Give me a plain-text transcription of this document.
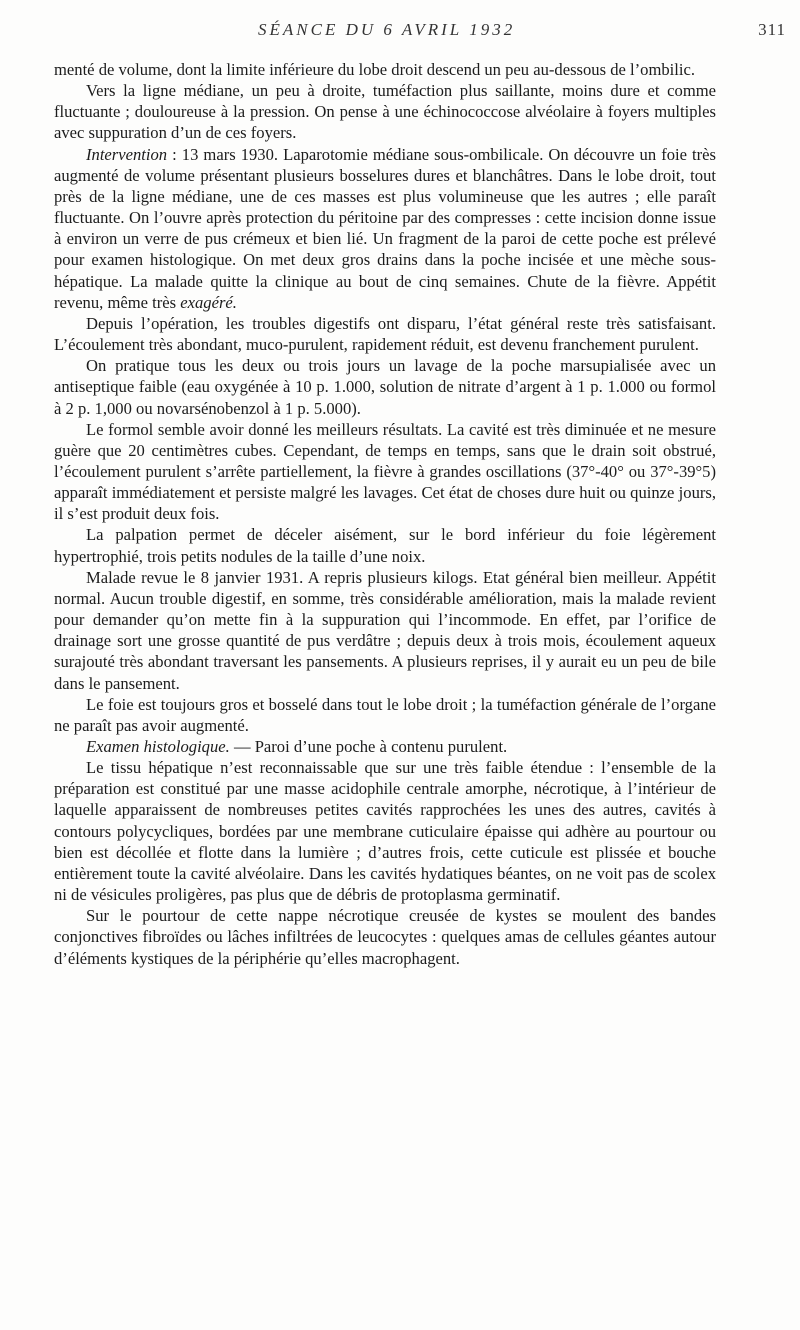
SÉANCE DU 6 AVRIL 1932	311

menté de volume, dont la limite inférieure du lobe droit descend un peu au-dessous de l’ombilic.

Vers la ligne médiane, un peu à droite, tuméfaction plus saillante, moins dure et comme fluctuante ; douloureuse à la pression. On pense à une échinococcose alvéolaire à foyers multiples avec suppuration d’un de ces foyers.

Intervention : 13 mars 1930. Laparotomie médiane sous-ombilicale. On découvre un foie très augmenté de volume présentant plusieurs bosselures dures et blanchâtres. Dans le lobe droit, tout près de la ligne médiane, une de ces masses est plus volumineuse que les autres ; elle paraît fluctuante. On l’ouvre après protection du péritoine par des compresses : cette incision donne issue à environ un verre de pus crémeux et bien lié. Un fragment de la paroi de cette poche est prélevé pour examen histologique. On met deux gros drains dans la poche incisée et une mèche sous-hépatique. La malade quitte la clinique au bout de cinq semaines. Chute de la fièvre. Appétit revenu, même très exagéré.

Depuis l’opération, les troubles digestifs ont disparu, l’état général reste très satisfaisant. L’écoulement très abondant, muco-purulent, rapidement réduit, est devenu franchement purulent.

On pratique tous les deux ou trois jours un lavage de la poche marsupialisée avec un antiseptique faible (eau oxygénée à 10 p. 1.000, solution de nitrate d’argent à 1 p. 1.000 ou formol à 2 p. 1,000 ou novarsénobenzol à 1 p. 5.000).

Le formol semble avoir donné les meilleurs résultats. La cavité est très diminuée et ne mesure guère que 20 centimètres cubes. Cependant, de temps en temps, sans que le drain soit obstrué, l’écoulement purulent s’arrête partiellement, la fièvre à grandes oscillations (37°-40° ou 37°-39°5) apparaît immédiatement et persiste malgré les lavages. Cet état de choses dure huit ou quinze jours, il s’est produit deux fois.

La palpation permet de déceler aisément, sur le bord inférieur du foie légèrement hypertrophié, trois petits nodules de la taille d’une noix.

Malade revue le 8 janvier 1931. A repris plusieurs kilogs. Etat général bien meilleur. Appétit normal. Aucun trouble digestif, en somme, très considérable amélioration, mais la malade revient pour demander qu’on mette fin à la suppuration qui l’incommode. En effet, par l’orifice de drainage sort une grosse quantité de pus verdâtre ; depuis deux à trois mois, écoulement aqueux surajouté très abondant traversant les pansements. A plusieurs reprises, il y aurait eu un peu de bile dans le pansement.

Le foie est toujours gros et bosselé dans tout le lobe droit ; la tuméfaction générale de l’organe ne paraît pas avoir augmenté.

Examen histologique. — Paroi d’une poche à contenu purulent.

Le tissu hépatique n’est reconnaissable que sur une très faible étendue : l’ensemble de la préparation est constitué par une masse acidophile centrale amorphe, nécrotique, à l’intérieur de laquelle apparaissent de nombreuses petites cavités rapprochées les unes des autres, cavités à contours polycycliques, bordées par une membrane cuticulaire épaisse qui adhère au pourtour ou bien est décollée et flotte dans la lumière ; d’autres frois, cette cuticule est plissée et bouche entièrement toute la cavité alvéolaire. Dans les cavités hydatiques béantes, on ne voit pas de scolex ni de vésicules proligères, pas plus que de débris de protoplasma germinatif.

Sur le pourtour de cette nappe nécrotique creusée de kystes se moulent des bandes conjonctives fibroïdes ou lâches infiltrées de leucocytes : quelques amas de cellules géantes autour d’éléments kystiques de la périphérie qu’elles macrophagent.
